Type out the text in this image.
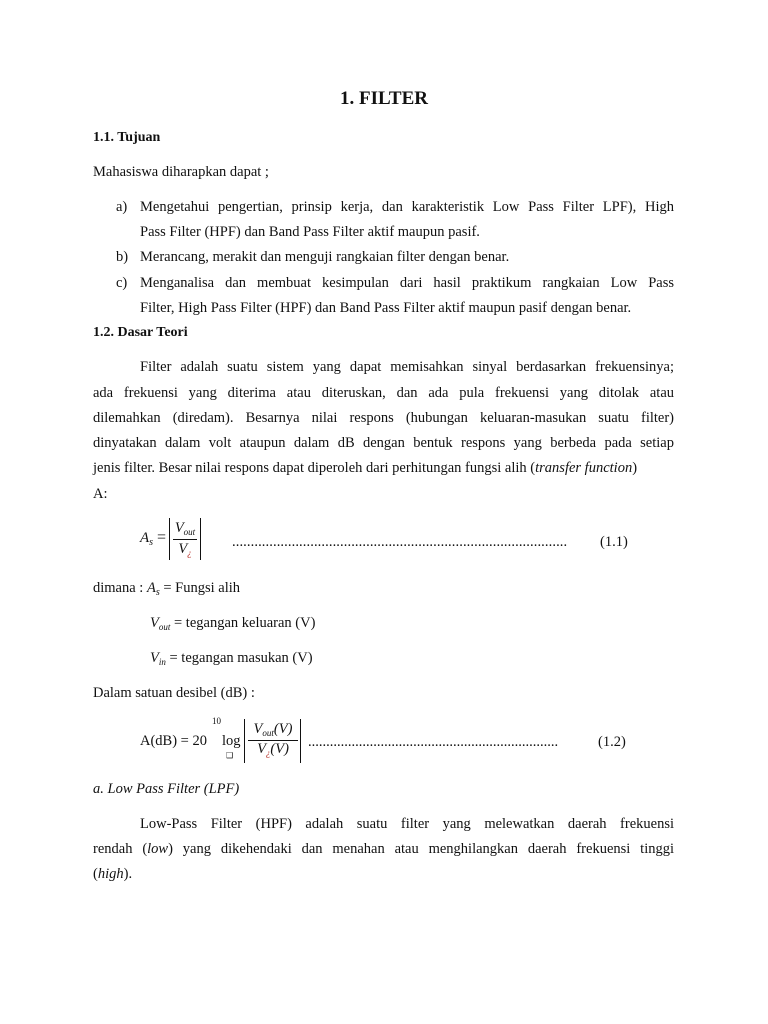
1. FILTER
1.1. Tujuan
Mahasiswa diharapkan dapat ;
a) Mengetahui pengertian, prinsip kerja, dan karakteristik Low Pass Filter LPF), High
Pass Filter (HPF) dan Band Pass Filter aktif maupun pasif.
b) Merancang, merakit dan menguji rangkaian filter dengan benar.
c) Menganalisa dan membuat kesimpulan dari hasil praktikum rangkaian Low Pass
Filter, High Pass Filter (HPF) dan Band Pass Filter aktif maupun pasif dengan benar.
1.2. Dasar Teori
Filter adalah suatu sistem yang dapat memisahkan sinyal berdasarkan frekuensinya;
ada frekuensi yang diterima atau diteruskan, dan ada pula frekuensi yang ditolak atau
dilemahkan (diredam). Besarnya nilai respons (hubungan keluaran-masukan suatu filter)
dinyatakan dalam volt ataupun dalam dB dengan bentuk respons yang berbeda pada setiap
jenis filter. Besar nilai respons dapat diperoleh dari perhitungan fungsi alih (transfer function)
A:
$A_s$ =
$V_{out}$
$V_¿$
.......................................................................................... (1.1)
dimana : $A_s$ = Fungsi alih
$V_{out}$ = tegangan keluaran (V)
$V_{in}$ = tegangan masukan (V)
Dalam satuan desibel (dB) :
A(dB) = 20
10
log
❑
$V_{out}(V)$
$V_¿(V)$	.....................................................................	(1.2)
a. Low Pass Filter (LPF)
Low-Pass Filter (HPF) adalah suatu filter yang melewatkan daerah frekuensi
rendah (low) yang dikehendaki dan menahan atau menghilangkan daerah frekuensi tinggi
(high).
